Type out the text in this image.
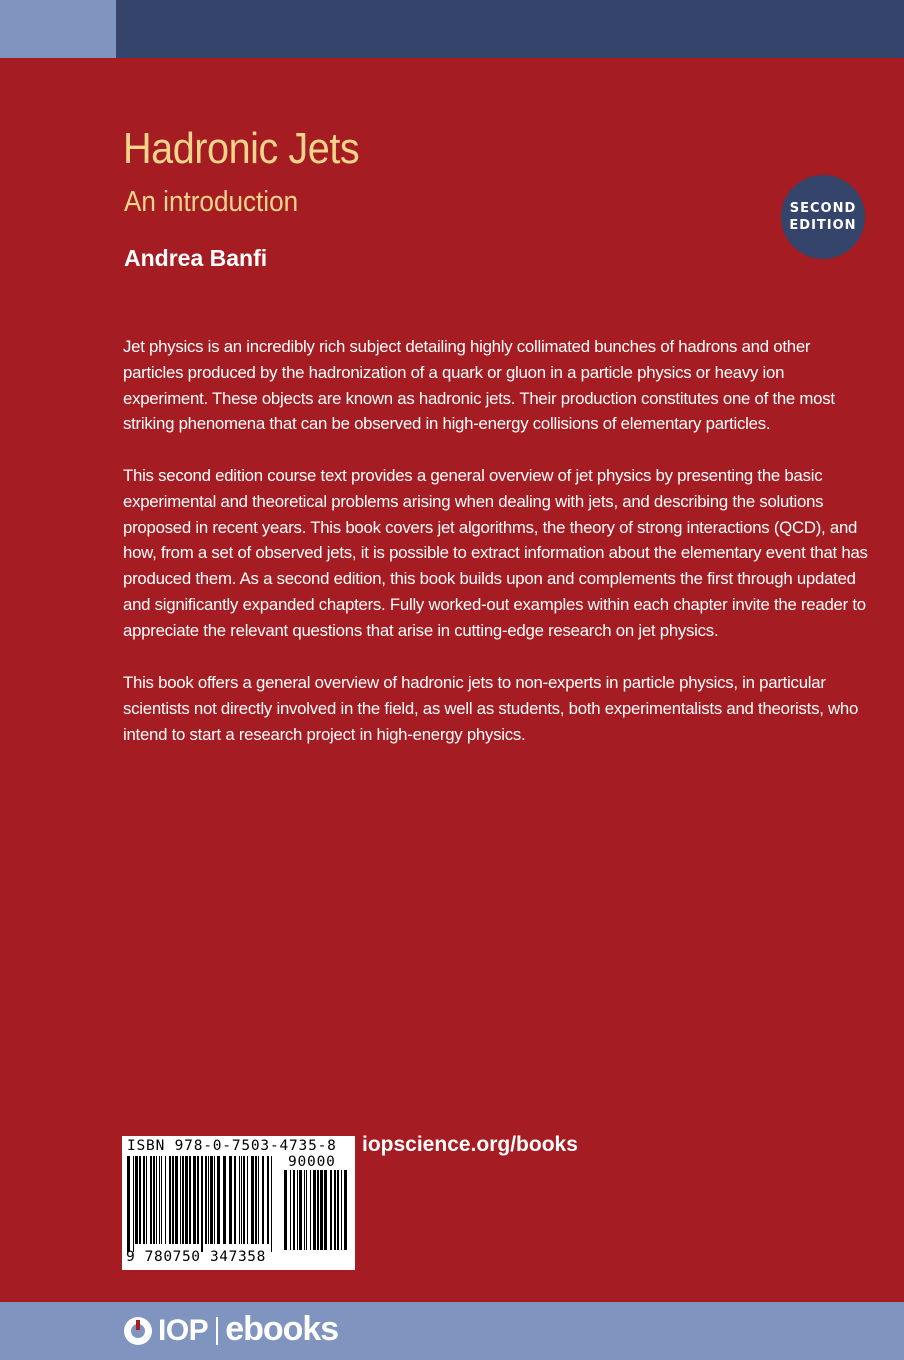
Hadronic Jets
An introduction
Andrea Banfi
SECOND
EDITION

Jet physics is an incredibly rich subject detailing highly collimated bunches of hadrons and other particles produced by the hadronization of a quark or gluon in a particle physics or heavy ion experiment. These objects are known as hadronic jets. Their production constitutes one of the most striking phenomena that can be observed in high-energy collisions of elementary particles.

This second edition course text provides a general overview of jet physics by presenting the basic experimental and theoretical problems arising when dealing with jets, and describing the solutions proposed in recent years. This book covers jet algorithms, the theory of strong interactions (QCD), and how, from a set of observed jets, it is possible to extract information about the elementary event that has produced them. As a second edition, this book builds upon and complements the first through updated and significantly expanded chapters. Fully worked-out examples within each chapter invite the reader to appreciate the relevant questions that arise in cutting-edge research on jet physics.

This book offers a general overview of hadronic jets to non-experts in particle physics, in particular scientists not directly involved in the field, as well as students, both experimentalists and theorists, who intend to start a research project in high-energy physics.

ISBN 978-0-7503-4735-8
90000
9 780750 347358
iopscience.org/books
IOP ebooks
